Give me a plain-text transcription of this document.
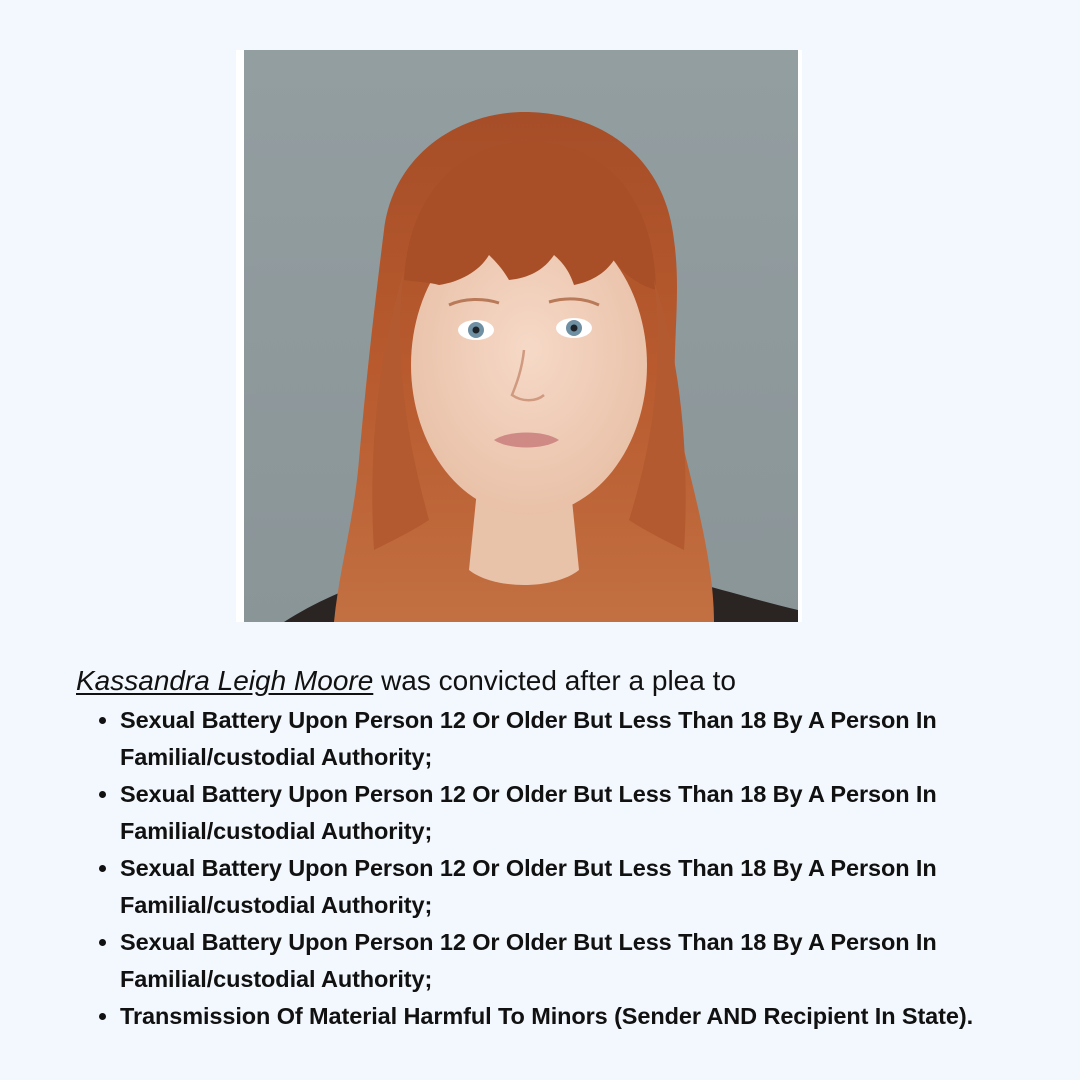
Kassandra Leigh Moore was convicted after a plea to

• Sexual Battery Upon Person 12 Or Older But Less Than 18 By A Person In Familial/custodial Authority;
• Sexual Battery Upon Person 12 Or Older But Less Than 18 By A Person In Familial/custodial Authority;
• Sexual Battery Upon Person 12 Or Older But Less Than 18 By A Person In Familial/custodial Authority;
• Sexual Battery Upon Person 12 Or Older But Less Than 18 By A Person In Familial/custodial Authority;
• Transmission Of Material Harmful To Minors (Sender AND Recipient In State).
